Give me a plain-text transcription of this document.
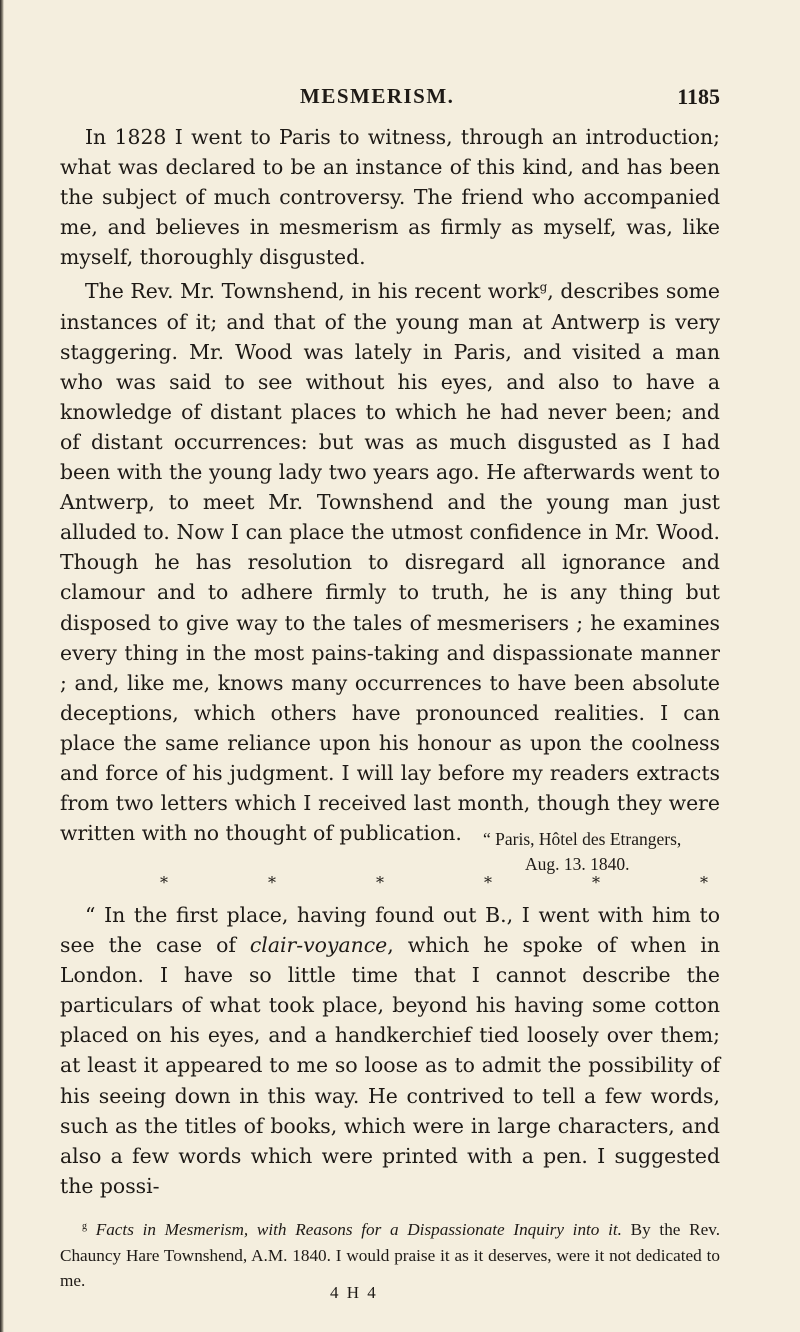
MESMERISM.	1185

In 1828 I went to Paris to witness, through an introduction; what was declared to be an instance of this kind, and has been the subject of much controversy. The friend who accompanied me, and believes in mesmerism as firmly as myself, was, like myself, thoroughly disgusted.

The Rev. Mr. Townshend, in his recent work$^g$, describes some instances of it; and that of the young man at Antwerp is very staggering. Mr. Wood was lately in Paris, and visited a man who was said to see without his eyes, and also to have a knowledge of distant places to which he had never been; and of distant occurrences: but was as much disgusted as I had been with the young lady two years ago. He afterwards went to Antwerp, to meet Mr. Townshend and the young man just alluded to. Now I can place the utmost confidence in Mr. Wood. Though he has resolution to disregard all ignorance and clamour and to adhere firmly to truth, he is any thing but disposed to give way to the tales of mesmerisers ; he examines every thing in the most pains-taking and dispassionate manner ; and, like me, knows many occurrences to have been absolute deceptions, which others have pronounced realities. I can place the same reliance upon his honour as upon the coolness and force of his judgment. I will lay before my readers extracts from two letters which I received last month, though they were written with no thought of publication.	“ Paris, Hôtel des Etrangers,
Aug. 13. 1840.
*	*	*	*	*	*

“ In the first place, having found out B., I went with him to see the case of clair-voyance, which he spoke of when in London. I have so little time that I cannot describe the particulars of what took place, beyond his having some cotton placed on his eyes, and a handkerchief tied loosely over them; at least it appeared to me so loose as to admit the possibility of his seeing down in this way. He contrived to tell a few words, such as the titles of books, which were in large characters, and also a few words which were printed with a pen. I suggested the possi-

$^g$ Facts in Mesmerism, with Reasons for a Dispassionate Inquiry into it. By the Rev. Chauncy Hare Townshend, A.M. 1840. I would praise it as it deserves, were it not dedicated to me.

4 H 4
